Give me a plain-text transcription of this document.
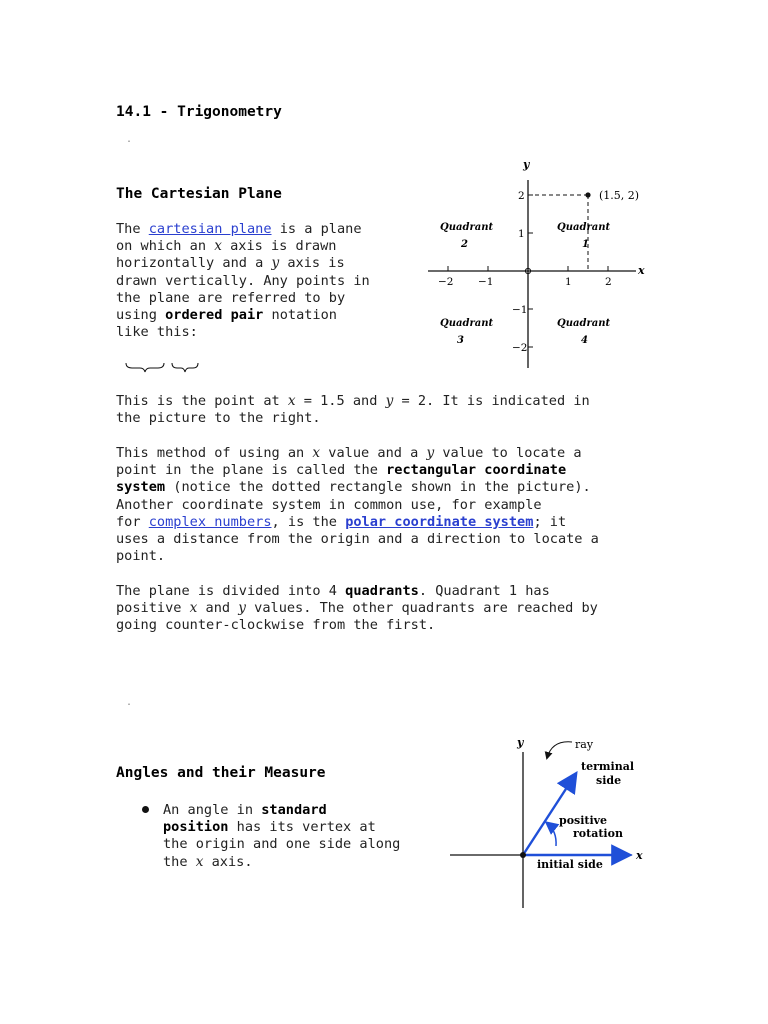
14.1 - Trigonometry
.
The Cartesian Plane
The cartesian plane is a plane
on which an x axis is drawn
horizontally and a y axis is
drawn vertically. Any points in
the plane are referred to by
using ordered pair notation
like this:
This is the point at x = 1.5 and y = 2. It is indicated in
the picture to the right.
This method of using an x value and a y value to locate a
point in the plane is called the rectangular coordinate
system (notice the dotted rectangle shown in the picture).
Another coordinate system in common use, for example
for complex numbers, is the polar coordinate system; it
uses a distance from the origin and a direction to locate a
point.
The plane is divided into 4 quadrants. Quadrant 1 has
positive x and y values. The other quadrants are reached by
going counter-clockwise from the first.
y
x
(1.5, 2)
−2 −1	1	2
2
1
−1
−2
Quadrant
2
Quadrant
1
Quadrant
3
Quadrant
4
.
Angles and their Measure
An angle in standard
position has its vertex at
the origin and one side along
the x axis.
y
x
ray
terminal
side
positive
rotation
initial side
